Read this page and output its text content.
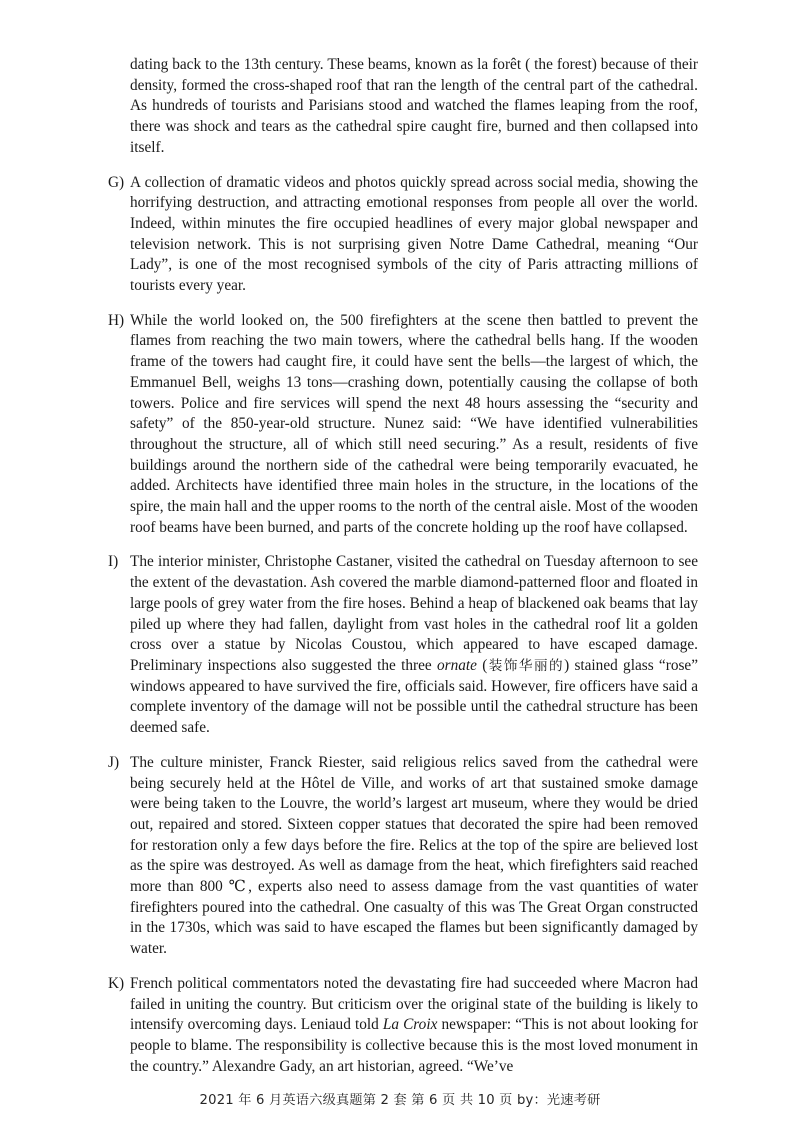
dating back to the 13th century. These beams, known as la forêt ( the forest) because of their density, formed the cross-shaped roof that ran the length of the central part of the cathedral. As hundreds of tourists and Parisians stood and watched the flames leaping from the roof, there was shock and tears as the cathedral spire caught fire, burned and then collapsed into itself.
G) A collection of dramatic videos and photos quickly spread across social media, showing the horrifying destruction, and attracting emotional responses from people all over the world. Indeed, within minutes the fire occupied headlines of every major global newspaper and television network. This is not surprising given Notre Dame Cathedral, meaning “Our Lady”, is one of the most recognised symbols of the city of Paris attracting millions of tourists every year.
H) While the world looked on, the 500 firefighters at the scene then battled to prevent the flames from reaching the two main towers, where the cathedral bells hang. If the wooden frame of the towers had caught fire, it could have sent the bells—the largest of which, the Emmanuel Bell, weighs 13 tons—crashing down, potentially causing the collapse of both towers. Police and fire services will spend the next 48 hours assessing the “security and safety” of the 850-year-old structure. Nunez said: “We have identified vulnerabilities throughout the structure, all of which still need securing.” As a result, residents of five buildings around the northern side of the cathedral were being temporarily evacuated, he added. Architects have identified three main holes in the structure, in the locations of the spire, the main hall and the upper rooms to the north of the central aisle. Most of the wooden roof beams have been burned, and parts of the concrete holding up the roof have collapsed.
I) The interior minister, Christophe Castaner, visited the cathedral on Tuesday afternoon to see the extent of the devastation. Ash covered the marble diamond-patterned floor and floated in large pools of grey water from the fire hoses. Behind a heap of blackened oak beams that lay piled up where they had fallen, daylight from vast holes in the cathedral roof lit a golden cross over a statue by Nicolas Coustou, which appeared to have escaped damage. Preliminary inspections also suggested the three ornate (装饰华丽的) stained glass “rose” windows appeared to have survived the fire, officials said. However, fire officers have said a complete inventory of the damage will not be possible until the cathedral structure has been deemed safe.
J) The culture minister, Franck Riester, said religious relics saved from the cathedral were being securely held at the Hôtel de Ville, and works of art that sustained smoke damage were being taken to the Louvre, the world’s largest art museum, where they would be dried out, repaired and stored. Sixteen copper statues that decorated the spire had been removed for restoration only a few days before the fire. Relics at the top of the spire are believed lost as the spire was destroyed. As well as damage from the heat, which firefighters said reached more than 800 ℃, experts also need to assess damage from the vast quantities of water firefighters poured into the cathedral. One casualty of this was The Great Organ constructed in the 1730s, which was said to have escaped the flames but been significantly damaged by water.
K) French political commentators noted the devastating fire had succeeded where Macron had failed in uniting the country. But criticism over the original state of the building is likely to intensify overcoming days. Leniaud told La Croix newspaper: “This is not about looking for people to blame. The responsibility is collective because this is the most loved monument in the country.” Alexandre Gady, an art historian, agreed. “We’ve
2021 年 6 月英语六级真题第 2 套 第 6 页 共 10 页 by：光速考研
